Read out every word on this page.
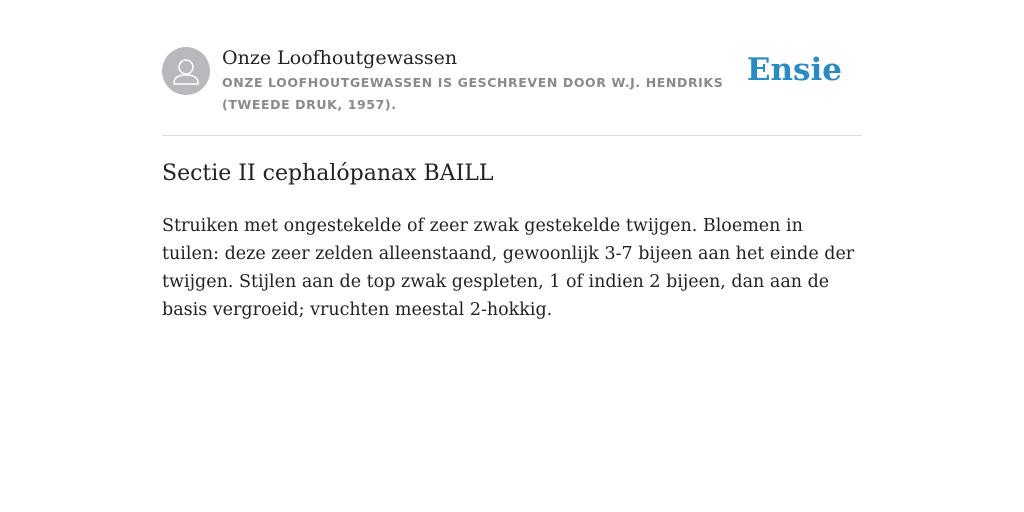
Onze Loofhoutgewassen
ONZE LOOFHOUTGEWASSEN IS GESCHREVEN DOOR W.J. HENDRIKS (TWEEDE DRUK, 1957).
Ensie
Sectie II cephalópanax BAILL

Struiken met ongestekelde of zeer zwak gestekelde twijgen. Bloemen in tuilen: deze zeer zelden alleenstaand, gewoonlijk 3-7 bijeen aan het einde der twijgen. Stijlen aan de top zwak gespleten, 1 of indien 2 bijeen, dan aan de basis vergroeid; vruchten meestal 2-hokkig.
